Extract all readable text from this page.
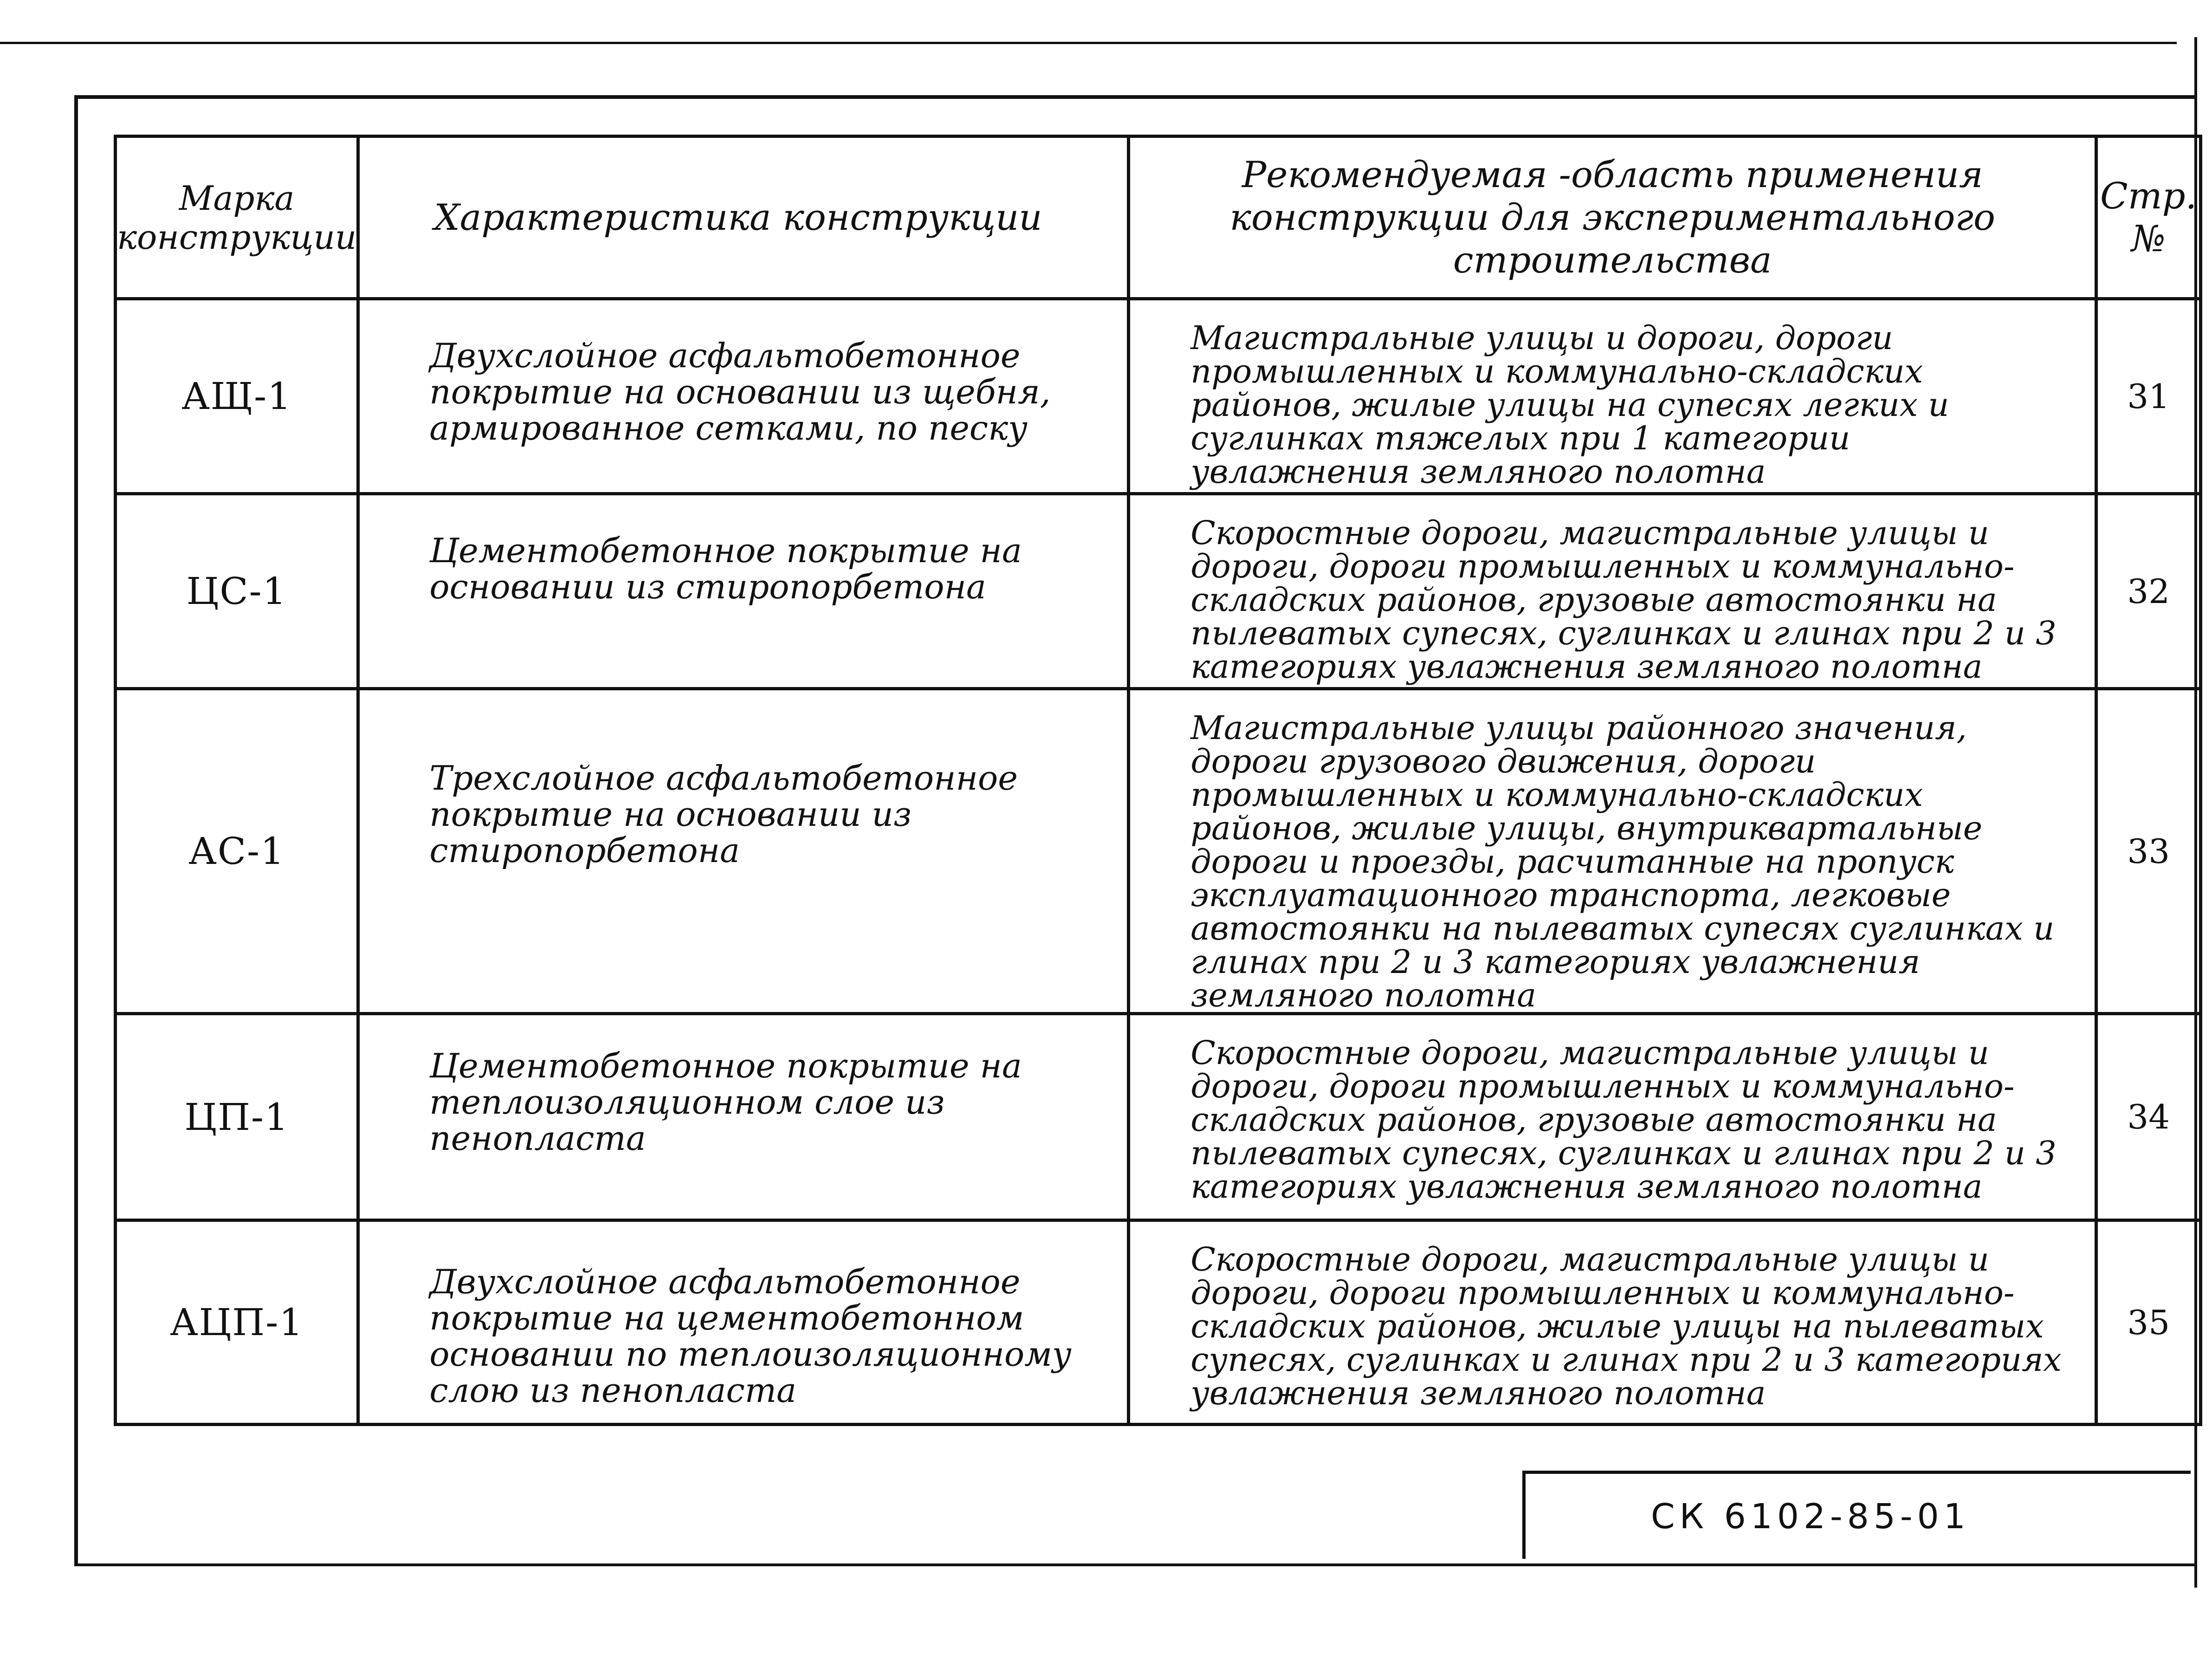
Марка конструкции	Характеристика конструкции	Рекомендуемая -область применения конструкции для экспериментального строительства	Стр. №
АЩ-1	Двухслойное асфальтобетонное покрытие на основании из щебня, армированное сетками, по песку	Магистральные улицы и дороги, дороги промышленных и коммунально-складских районов, жилые улицы на супесях легких и суглинках тяжелых при 1 категории увлажнения земляного полотна	31
ЦС-1	Цементобетонное покрытие на основании из стиропорбетона	Скоростные дороги, магистральные улицы и дороги, дороги промышленных и коммунально-складских районов, грузовые автостоянки на пылеватых супесях, суглинках и глинах при 2 и 3 категориях увлажнения земляного полотна	32
АС-1	Трехслойное асфальтобетонное покрытие на основании из стиропорбетона	Магистральные улицы районного значения, дороги грузового движения, дороги промышленных и коммунально-складских районов, жилые улицы, внутриквартальные дороги и проезды, расчитанные на пропуск эксплуатационного транспорта, легковые автостоянки на пылеватых супесях суглинках и глинах при 2 и 3 категориях увлажнения земляного полотна	33
ЦП-1	Цементобетонное покрытие на теплоизоляционном слое из пенопласта	Скоростные дороги, магистральные улицы и дороги, дороги промышленных и коммунально-складских районов, грузовые автостоянки на пылеватых супесях, суглинках и глинах при 2 и 3 категориях увлажнения земляного полотна	34
АЦП-1	Двухслойное асфальтобетонное покрытие на цементобетонном основании по теплоизоляционному слою из пенопласта	Скоростные дороги, магистральные улицы и дороги, дороги промышленных и коммунально-складских районов, жилые улицы на пылеватых супесях, суглинках и глинах при 2 и 3 категориях увлажнения земляного полотна	35
СК 6102-85-01
